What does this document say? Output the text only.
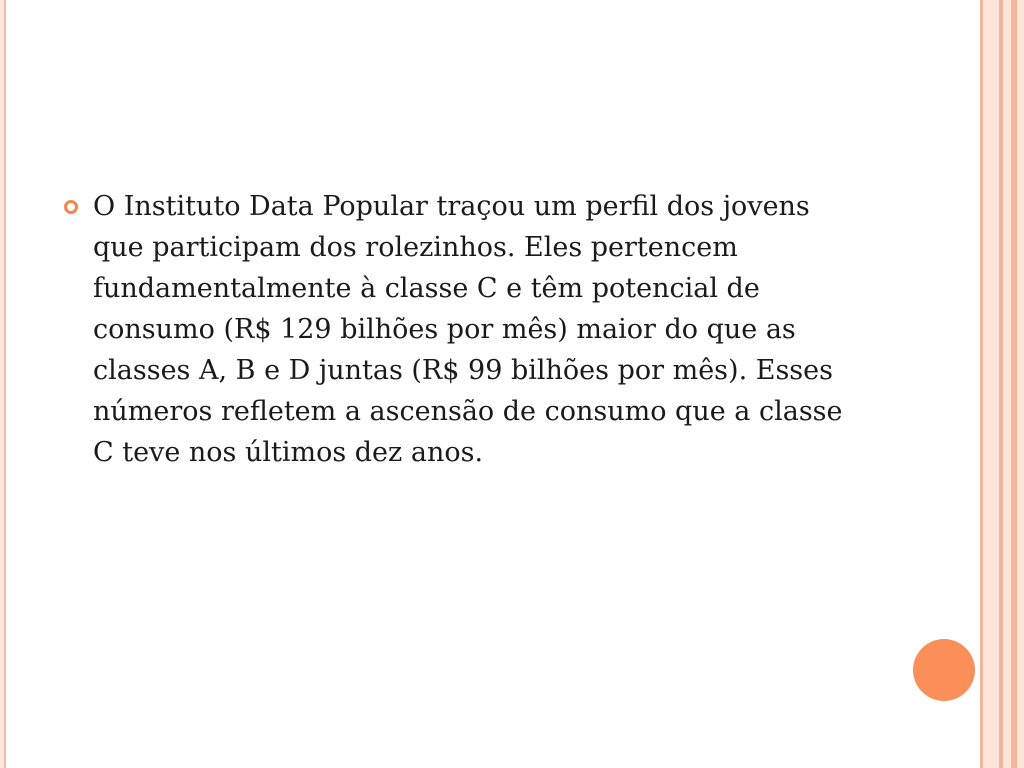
O Instituto Data Popular traçou um perfil dos jovens que participam dos rolezinhos. Eles pertencem fundamentalmente à classe C e têm potencial de consumo (R$ 129 bilhões por mês) maior do que as classes A, B e D juntas (R$ 99 bilhões por mês). Esses números refletem a ascensão de consumo que a classe C teve nos últimos dez anos.
